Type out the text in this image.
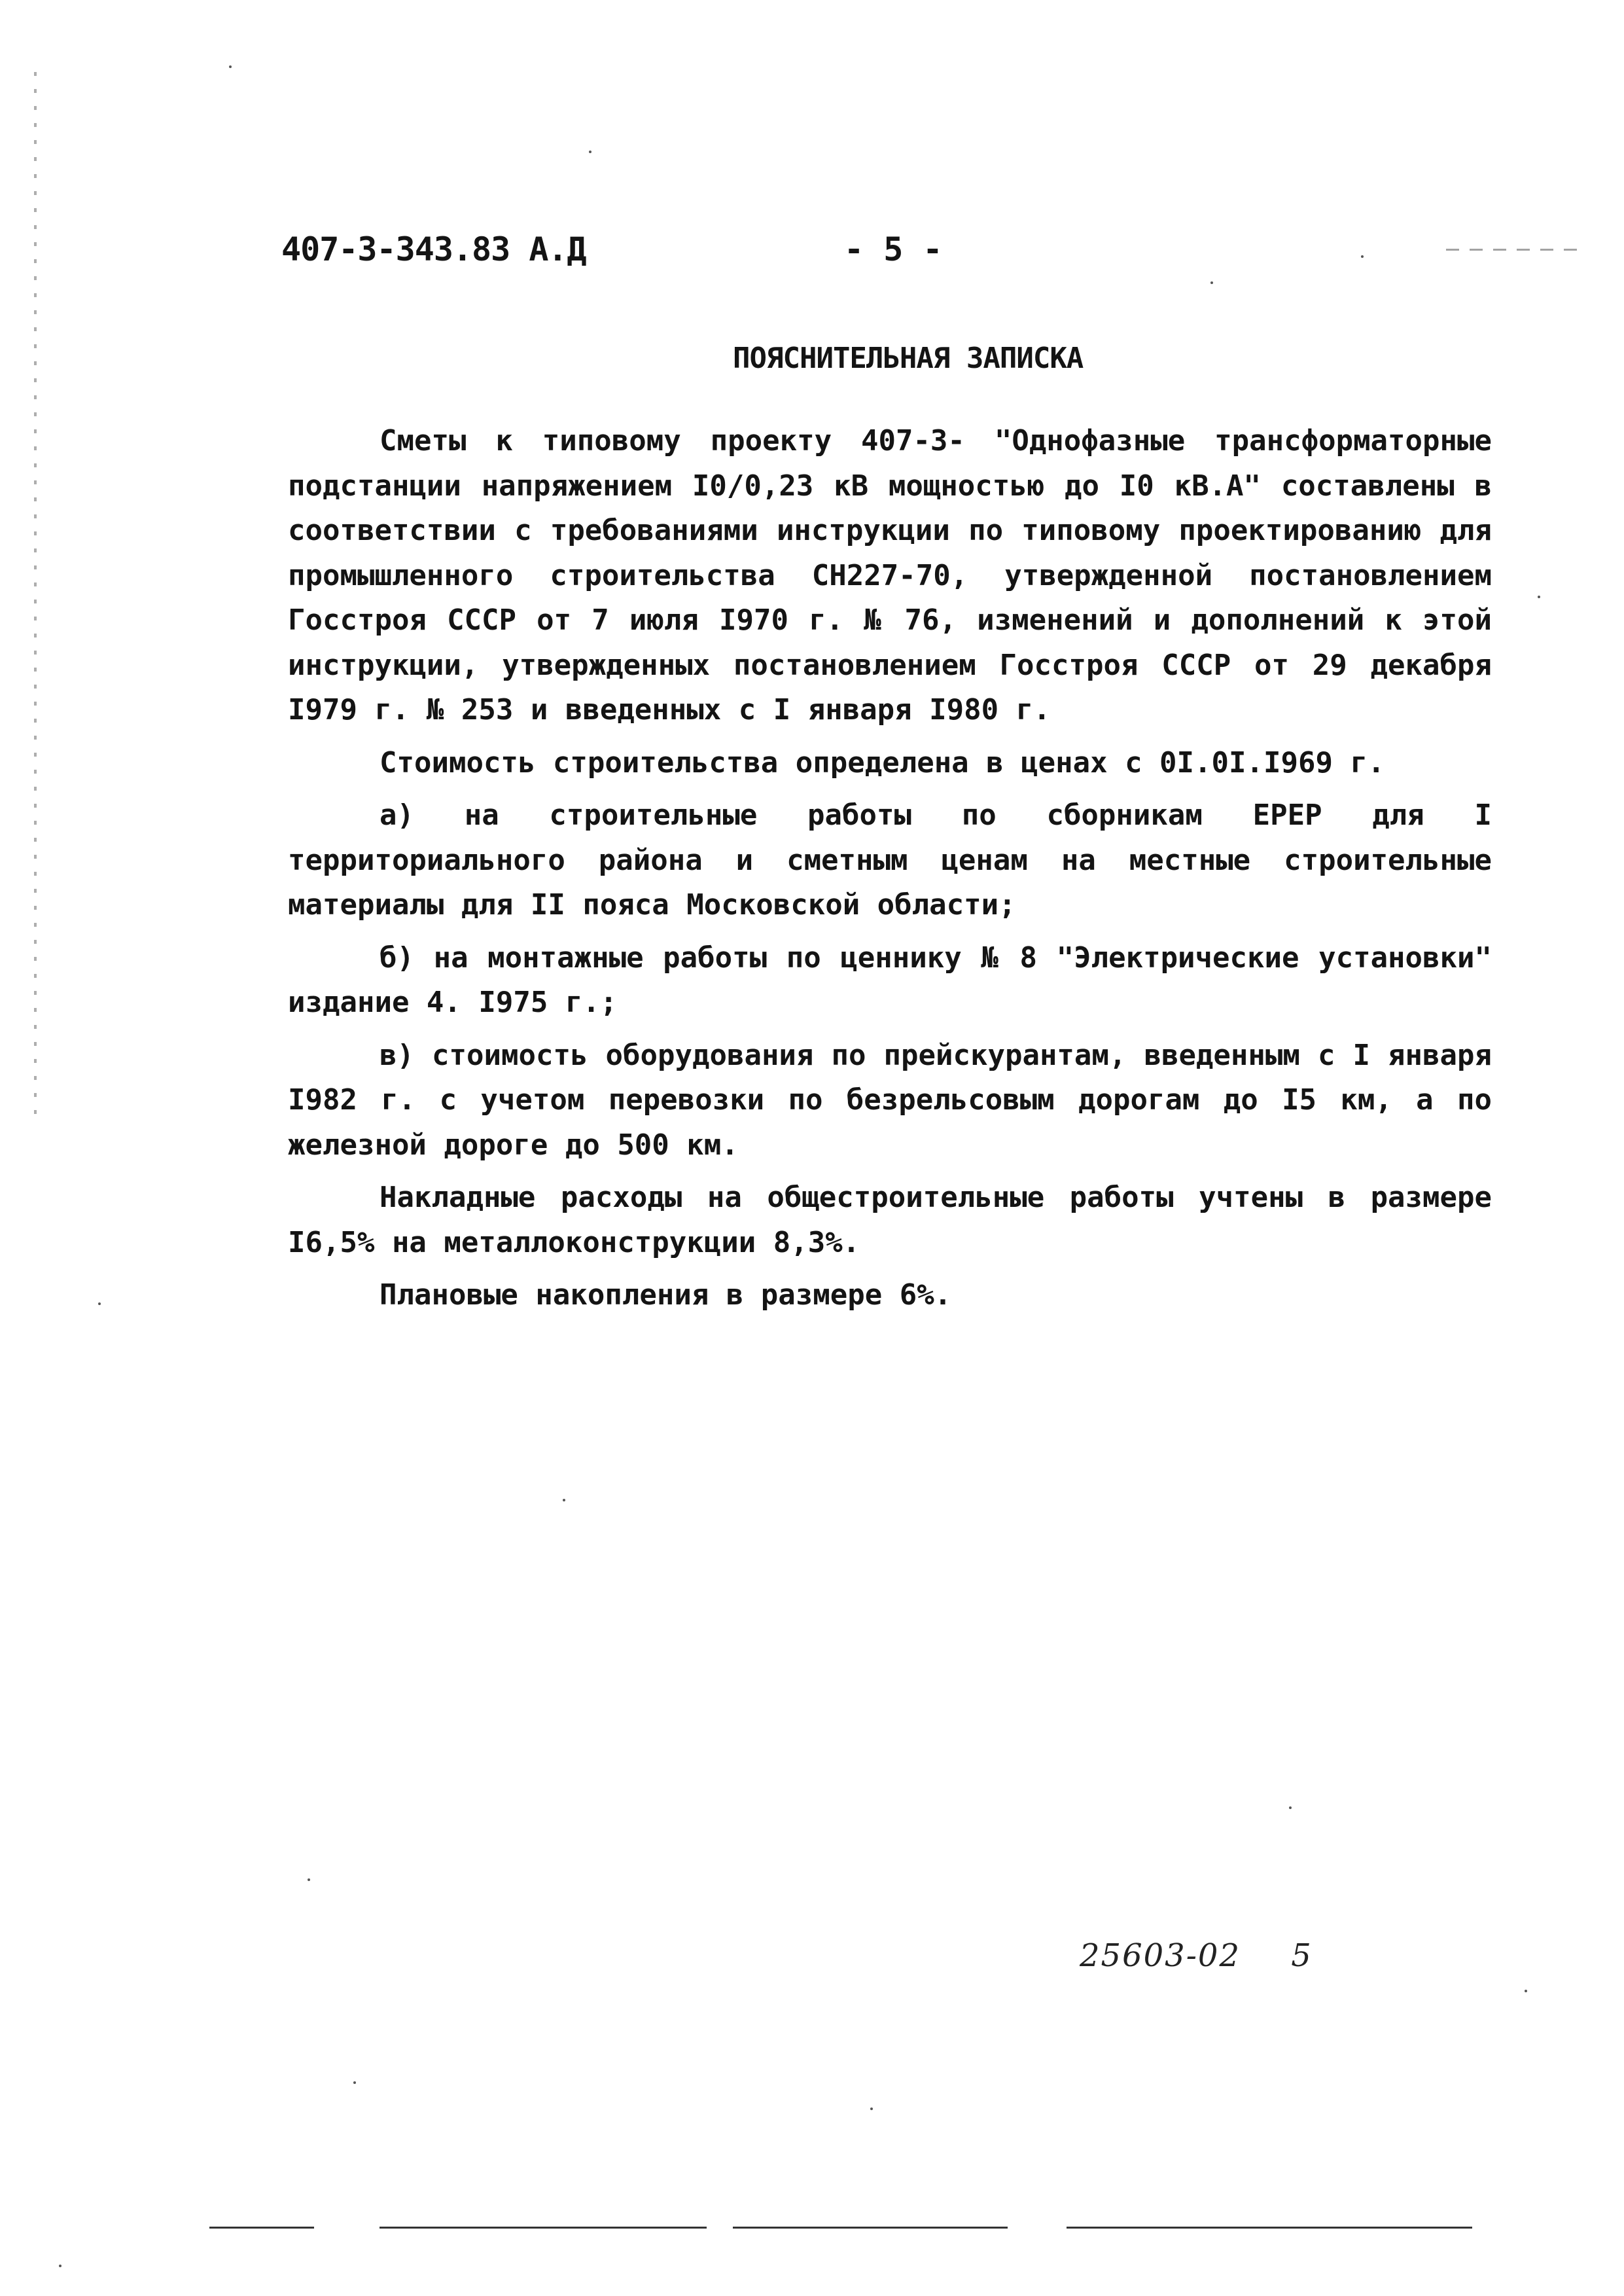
407-3-343.83 А.Д	- 5 -
ПОЯСНИТЕЛЬНАЯ ЗАПИСКА

Сметы к типовому проекту 407-3- "Однофазные трансформаторные подстанции напряжением I0/0,23 кВ мощностью до I0 кВ.А" составлены в соответствии с требованиями инструкции по типовому проектированию для промышленного строительства СН227-70, утвержденной постановлением Госстроя СССР от 7 июля I970 г. № 76, изменений и дополнений к этой инструкции, утвержденных постановлением Госстроя СССР от 29 декабря I979 г. № 253 и введенных с I января I980 г.

Стоимость строительства определена в ценах с 0I.0I.I969 г.

а) на строительные работы по сборникам ЕРЕР для I территориального района и сметным ценам на местные строительные материалы для II пояса Московской области;

б) на монтажные работы по ценнику № 8 "Электрические установки" издание 4. I975 г.;

в) стоимость оборудования по прейскурантам, введенным с I января I982 г. с учетом перевозки по безрельсовым дорогам до I5 км, а по железной дороге до 500 км.

Накладные расходы на общестроительные работы учтены в размере I6,5% на металлоконструкции 8,3%.

Плановые накопления в размере 6%.

25603-02 5
